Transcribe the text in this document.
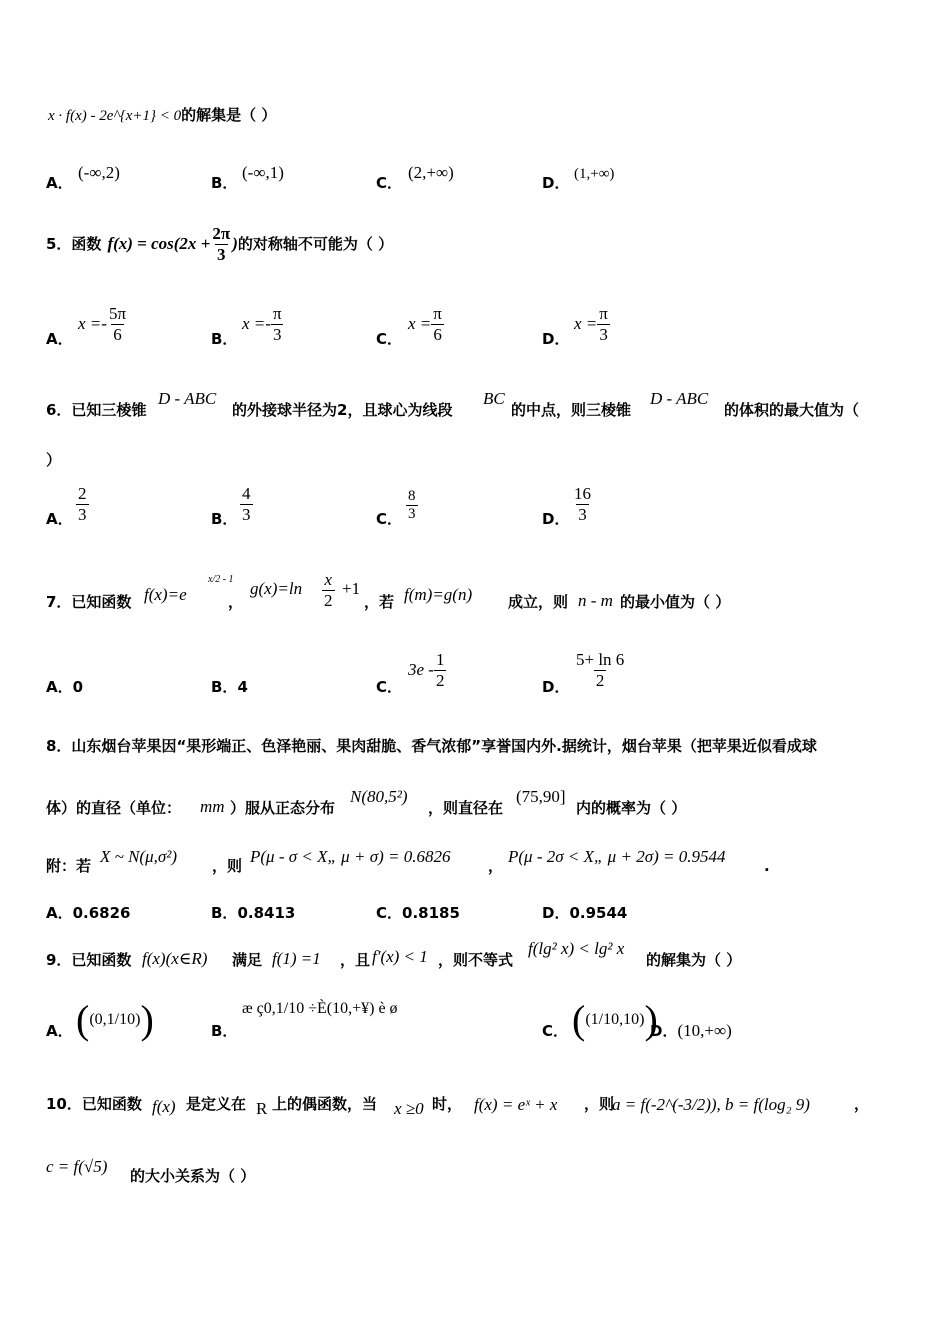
x · f(x) - 2e^{x+1} < 0的解集是（ ）
A．
(-∞,2)
B．
(-∞,1)
C．
(2,+∞)
D． (1,+∞)
5．函数 $f(x) = \cos(2x + \frac{2\pi}{3}$ ) 的对称轴不可能为（ ）
A．
$x =- \frac{5\pi}{6}$	B．
$x =- \frac{\pi}{3}$	C．
$x = \frac{\pi}{6}$	D．
$x = \frac{\pi}{3}$
6．已知三棱锥
D - ABC
的外接球半径为2，且球心为线段
BC
的中点，则三棱锥
D - ABC
的体积的最大值为（
）
A． $\frac{2}{3}$	B． $\frac{4}{3}$	C． $\frac{8}{3}$	D． $\frac{16}{3}$
7．已知函数 f(x)=e
x/2 - 1
，
$g(x)=\ln \frac{x}{2} +1$
，若 f(m)=g(n) 成立，则 n - m 的最小值为（ ）
A．0	B．4	C．
$3e - \frac{1}{2}$	D． $\frac{5+ \ln 6}{2}$
8．山东烟台苹果因“果形端正、色泽艳丽、果肉甜脆、香气浓郁”享誉国内外.据统计，烟台苹果（把苹果近似看成球
体）的直径（单位： mm ）服从正态分布
N(80,5²)
，则直径在
(75,90]
内的概率为（ ）
附：若 X ~ N(μ,σ²) ，则 P(μ - σ < X„ μ + σ) = 0.6826	， P(μ - 2σ < X„ μ + 2σ) = 0.9544	.
A．0.6826	B．0.8413	C．0.8185	D．0.9544
9．已知函数 f(x)(x∈R) 满足 f(1) =1 ，且 f′(x) < 1 ，则不等式
f(lg² x) < lg² x
的解集为（ ）
A． ( (0,1/10) )	B．
æ ç0,1/10 ÷È(10,+¥) è ø
C． ( (1/10,10) )
D．(10,+∞)
10．已知函数 f(x) 是定义在 R 上的偶函数，当 x ≥0 时， f(x) = eˣ + x ，则
a = f(-2^(-3/2)), b = f(log₂ 9)	，
c = f(√5) 的大小关系为（ ）
